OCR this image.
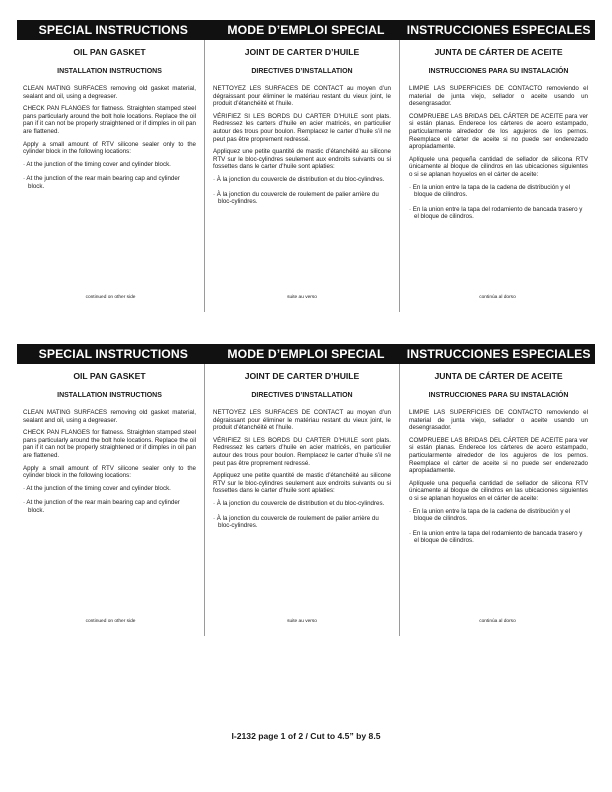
SPECIAL INSTRUCTIONS	MODE D’EMPLOI SPECIAL	INSTRUCCIONES ESPECIALES
OIL PAN GASKET
INSTALLATION INSTRUCTIONS

CLEAN MATING SURFACES removing old gasket material, sealant and oil, using a degreaser.

CHECK PAN FLANGES for flatness. Straighten stamped steel pans particularly around the bolt hole locations. Replace the oil pan if it can not be properly straightened or if dimples in oil pan are flattened.

Apply a small amount of RTV silicone sealer only to the cylinder block in the following locations:

· At the junction of the timing cover and cylinder block.
· At the junction of the rear main bearing cap and cylinder block.
continued on other side
JOINT DE CARTER D’HUILE
DIRECTIVES D’INSTALLATION

NETTOYEZ LES SURFACES DE CONTACT au moyen d’un dégraissant pour éliminer le matériau restant du vieux joint, le produit d’étanchéité et l’huile.

VÉRIFIEZ SI LES BORDS DU CARTER D’HUILE sont plats. Redressez les carters d’huile en acier matricés, en particulier autour des trous pour boulon. Remplacez le carter d’huile s’il ne peut pas être proprement redressé.

Appliquez une petite quantité de mastic d’étanchéité au silicone RTV sur le bloc-cylindres seulement aux endroits suivants ou si fossettes dans le carter d’huile sont aplaties:

· À la jonction du couvercle de distribution et du bloc-cylindres.
· À la jonction du couvercle de roulement de palier arrière du bloc-cylindres.
suite au verso
JUNTA DE CÁRTER DE ACEITE
INSTRUCCIONES PARA SU INSTALACIÓN

LIMPIE LAS SUPERFICIES DE CONTACTO removiendo el material de junta viejo, sellador o aceite usando un desengrasador.

COMPRUEBE LAS BRIDAS DEL CÁRTER DE ACEITE para ver si están planas. Enderece los cárteres de acero estampado, particularmente alrededor de los agujeros de los pernos. Reemplace el cárter de aceite si no puede ser enderezado apropiadamente.

Aplíquele una pequeña cantidad de sellador de silicona RTV únicamente al bloque de cilindros en las ubicaciones siguientes o si se aplanan hoyuelos en el cárter de aceite:

· En la union entre la tapa de la cadena de distribución y el bloque de cilindros.
· En la union entre la tapa del rodamiento de bancada trasero y el bloque de cilindros.
continúa al dorso
SPECIAL INSTRUCTIONS	MODE D’EMPLOI SPECIAL	INSTRUCCIONES ESPECIALES
OIL PAN GASKET
INSTALLATION INSTRUCTIONS

CLEAN MATING SURFACES removing old gasket material, sealant and oil, using a degreaser.

CHECK PAN FLANGES for flatness. Straighten stamped steel pans particularly around the bolt hole locations. Replace the oil pan if it can not be properly straightened or if dimples in oil pan are flattened.

Apply a small amount of RTV silicone sealer only to the cylinder block in the following locations:

· At the junction of the timing cover and cylinder block.
· At the junction of the rear main bearing cap and cylinder block.
continued on other side
JOINT DE CARTER D’HUILE
DIRECTIVES D’INSTALLATION

NETTOYEZ LES SURFACES DE CONTACT au moyen d’un dégraissant pour éliminer le matériau restant du vieux joint, le produit d’étanchéité et l’huile.

VÉRIFIEZ SI LES BORDS DU CARTER D’HUILE sont plats. Redressez les carters d’huile en acier matricés, en particulier autour des trous pour boulon. Remplacez le carter d’huile s’il ne peut pas être proprement redressé.

Appliquez une petite quantité de mastic d’étanchéité au silicone RTV sur le bloc-cylindres seulement aux endroits suivants ou si fossettes dans le carter d’huile sont aplaties:

· À la jonction du couvercle de distribution et du bloc-cylindres.
· À la jonction du couvercle de roulement de palier arrière du bloc-cylindres.
suite au verso
JUNTA DE CÁRTER DE ACEITE
INSTRUCCIONES PARA SU INSTALACIÓN

LIMPIE LAS SUPERFICIES DE CONTACTO removiendo el material de junta viejo, sellador o aceite usando un desengrasador.

COMPRUEBE LAS BRIDAS DEL CÁRTER DE ACEITE para ver si están planas. Enderece los cárteres de acero estampado, particularmente alrededor de los agujeros de los pernos. Reemplace el cárter de aceite si no puede ser enderezado apropiadamente.

Aplíquele una pequeña cantidad de sellador de silicona RTV únicamente al bloque de cilindros en las ubicaciones siguientes o si se aplanan hoyuelos en el cárter de aceite:

· En la union entre la tapa de la cadena de distribución y el bloque de cilindros.
· En la union entre la tapa del rodamiento de bancada trasero y el bloque de cilindros.
continúa al dorso
I-2132 page 1 of 2 / Cut to 4.5” by 8.5
